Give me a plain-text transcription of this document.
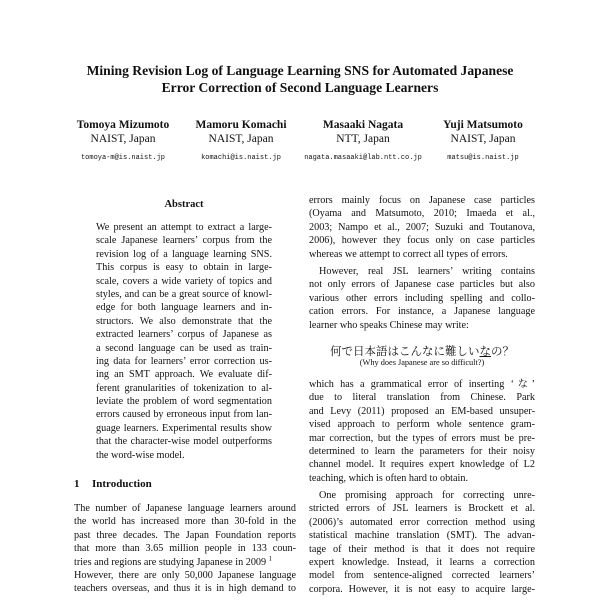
Mining Revision Log of Language Learning SNS for Automated Japanese
Error Correction of Second Language Learners
Tomoya Mizumoto
NAIST, Japan
tomoya-m@is.naist.jp
Mamoru Komachi
NAIST, Japan
komachi@is.naist.jp
Masaaki Nagata
NTT, Japan
nagata.masaaki@lab.ntt.co.jp
Yuji Matsumoto
NAIST, Japan
matsu@is.naist.jp
Abstract
We present an attempt to extract a large-
scale Japanese learners’ corpus from the
revision log of a language learning SNS.
This corpus is easy to obtain in large-
scale, covers a wide variety of topics and
styles, and can be a great source of knowl-
edge for both language learners and in-
structors. We also demonstrate that the
extracted learners’ corpus of Japanese as
a second language can be used as train-
ing data for learners’ error correction us-
ing an SMT approach. We evaluate dif-
ferent granularities of tokenization to al-
leviate the problem of word segmentation
errors caused by erroneous input from lan-
guage learners. Experimental results show
that the character-wise model outperforms
the word-wise model.
1 Introduction
The number of Japanese language learners around
the world has increased more than 30-fold in the
past three decades. The Japan Foundation reports
that more than 3.65 million people in 133 coun-
tries and regions are studying Japanese in 2009 $^1$
However, there are only 50,000 Japanese language
teachers overseas, and thus it is in high demand to
errors mainly focus on Japanese case particles
(Oyama and Matsumoto, 2010; Imaeda et al.,
2003; Nampo et al., 2007; Suzuki and Toutanova,
2006), however they focus only on case particles
whereas we attempt to correct all types of errors.
However, real JSL learners’ writing contains
not only errors of Japanese case particles but also
various other errors including spelling and collo-
cation errors. For instance, a Japanese language
learner who speaks Chinese may write:
何で日本語はこんなに難しいなの？
(Why does Japanese are so difficult?)
which has a grammatical error of inserting ‘な’
due to literal translation from Chinese. Park
and Levy (2011) proposed an EM-based unsuper-
vised approach to perform whole sentence gram-
mar correction, but the types of errors must be pre-
determined to learn the parameters for their noisy
channel model. It requires expert knowledge of L2
teaching, which is often hard to obtain.
One promising approach for correcting unre-
stricted errors of JSL learners is Brockett et al.
(2006)’s automated error correction method using
statistical machine translation (SMT). The advan-
tage of their method is that it does not require
expert knowledge. Instead, it learns a correction
model from sentence-aligned corrected learners’
corpora. However, it is not easy to acquire large-
